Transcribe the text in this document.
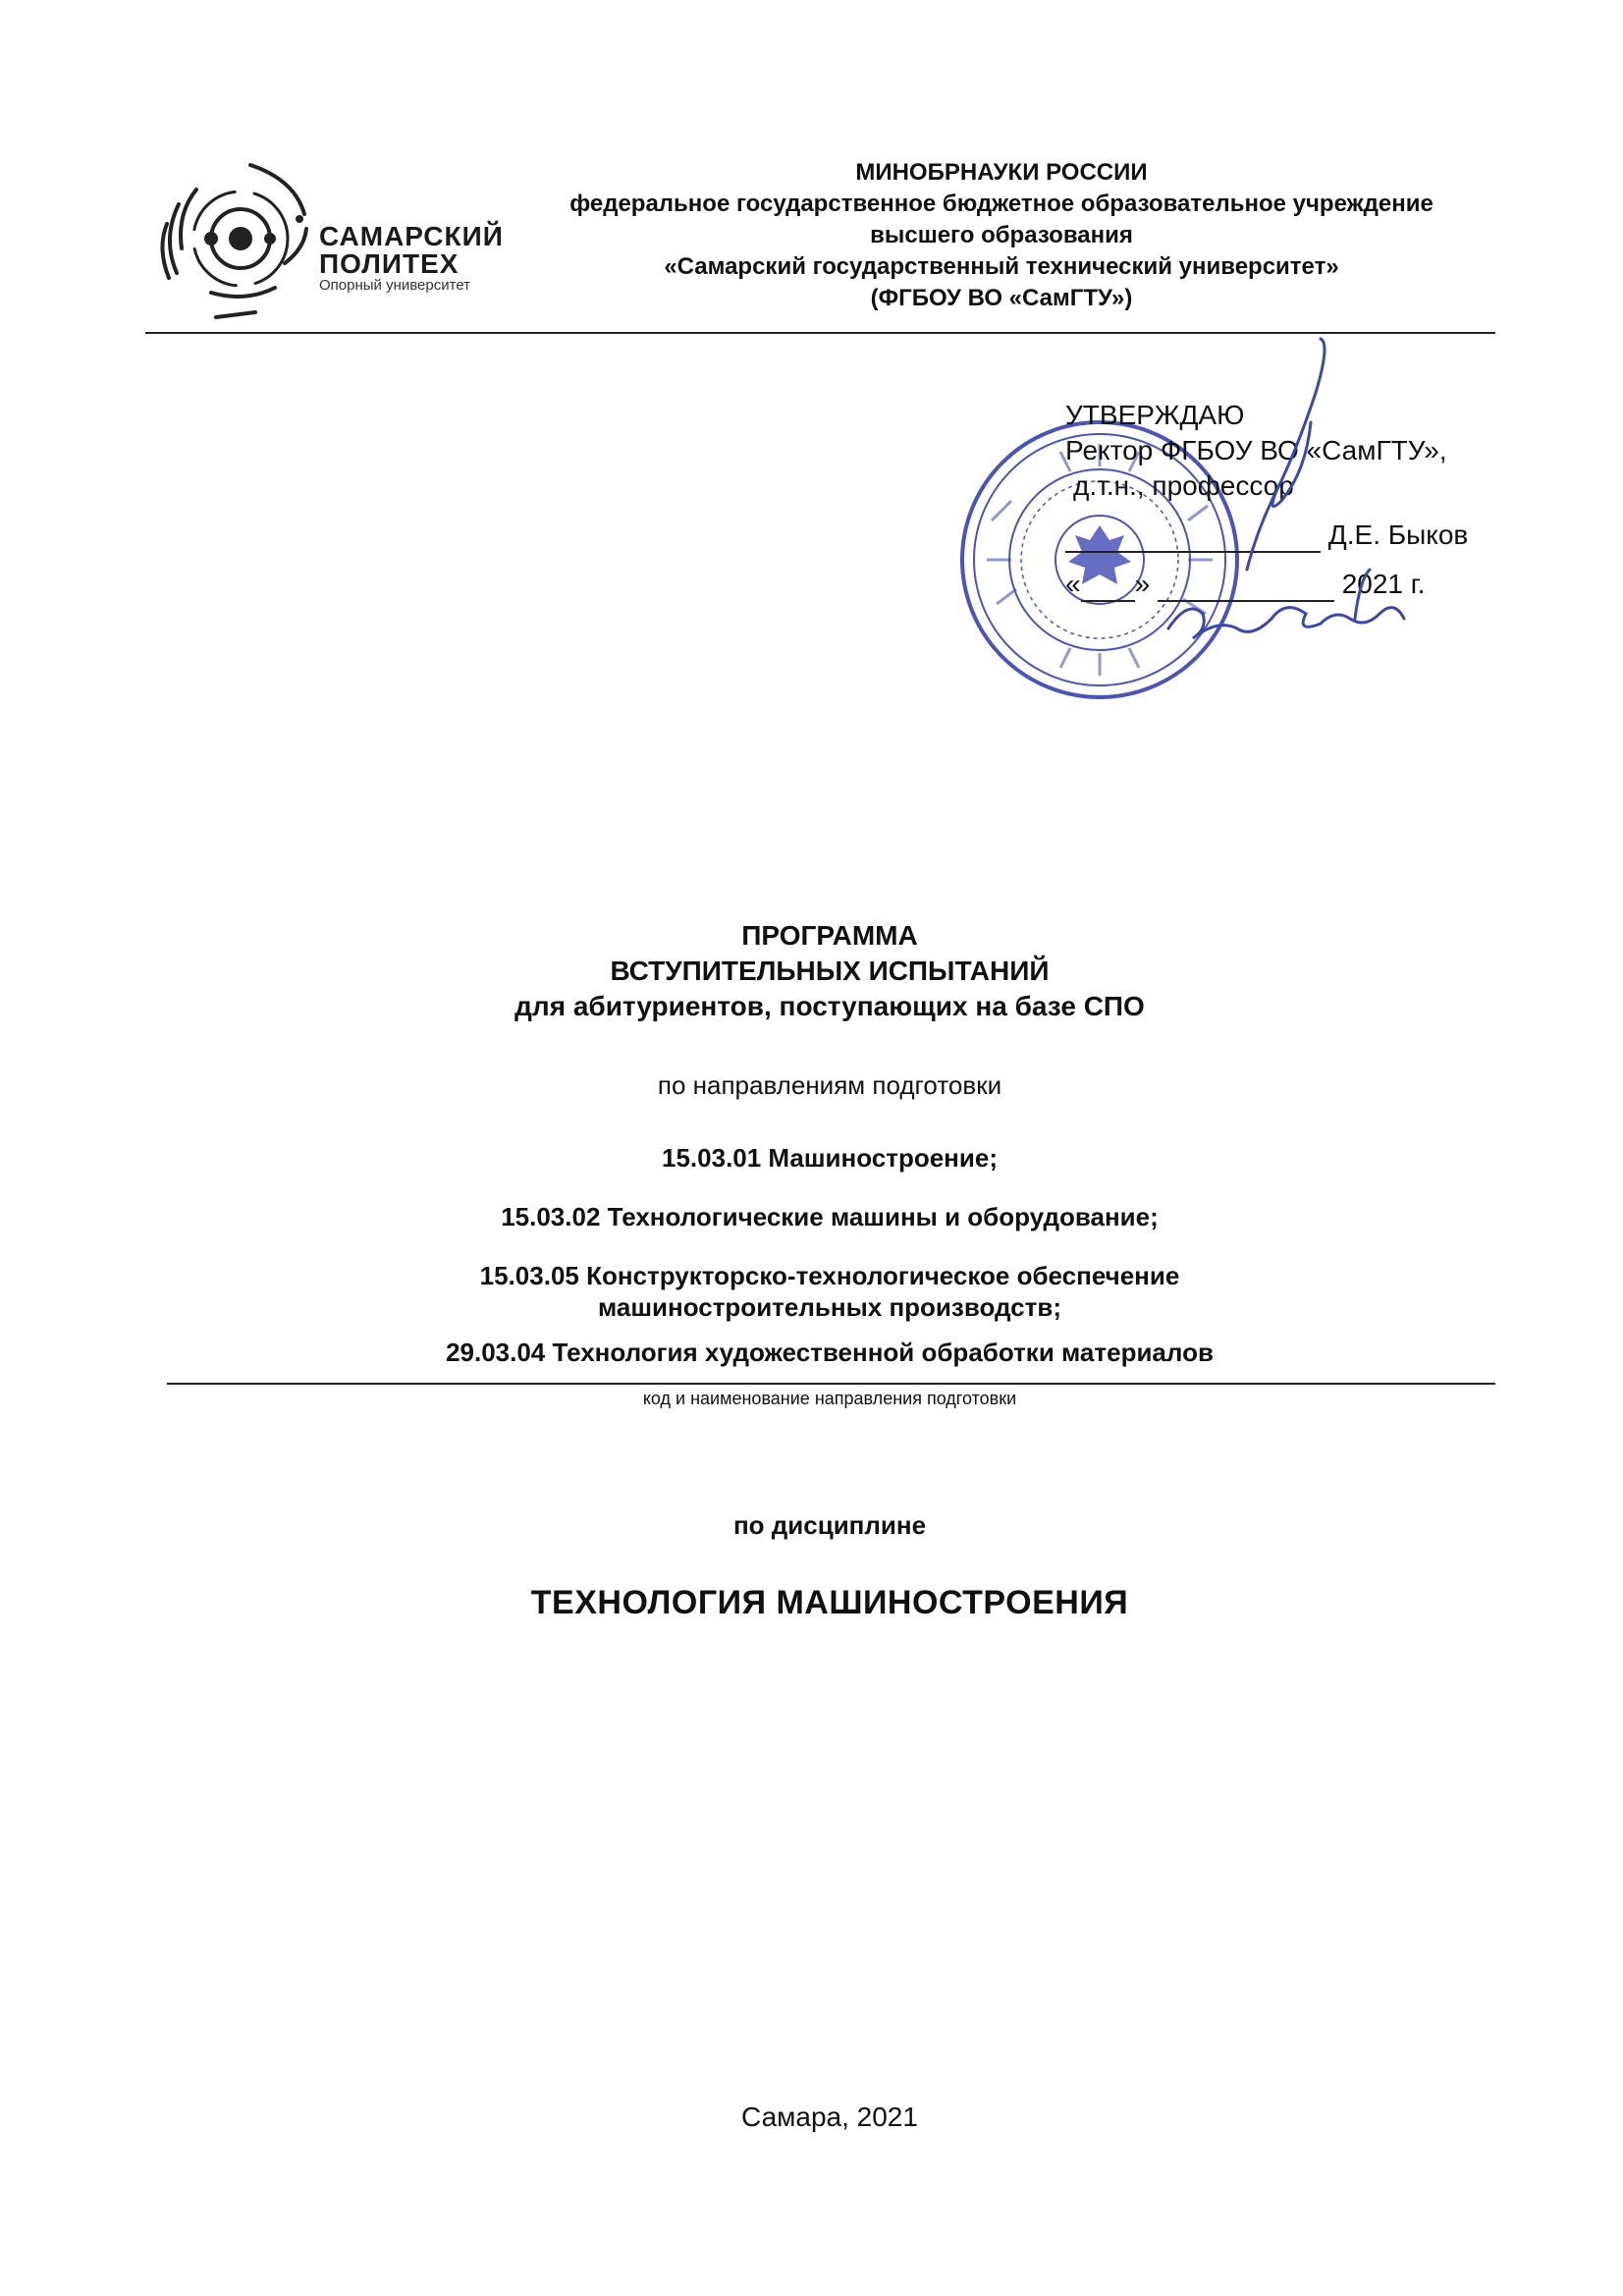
САМАРСКИЙ
ПОЛИТЕХ
Опорный университет
МИНОБРНАУКИ РОССИИ
федеральное государственное бюджетное образовательное учреждение
высшего образования
«Самарский государственный технический университет»
(ФГБОУ ВО «СамГТУ»)
УТВЕРЖДАЮ
Ректор ФГБОУ ВО «СамГТУ»,
д.т.н., профессор
Д.Е. Быков
« »	2021 г.
ПРОГРАММА
ВСТУПИТЕЛЬНЫХ ИСПЫТАНИЙ
для абитуриентов, поступающих на базе СПО
по направлениям подготовки
15.03.01 Машиностроение;
15.03.02 Технологические машины и оборудование;
15.03.05 Конструкторско-технологическое обеспечение
машиностроительных производств;
29.03.04 Технология художественной обработки материалов
код и наименование направления подготовки
по дисциплине
ТЕХНОЛОГИЯ МАШИНОСТРОЕНИЯ
Самара, 2021
